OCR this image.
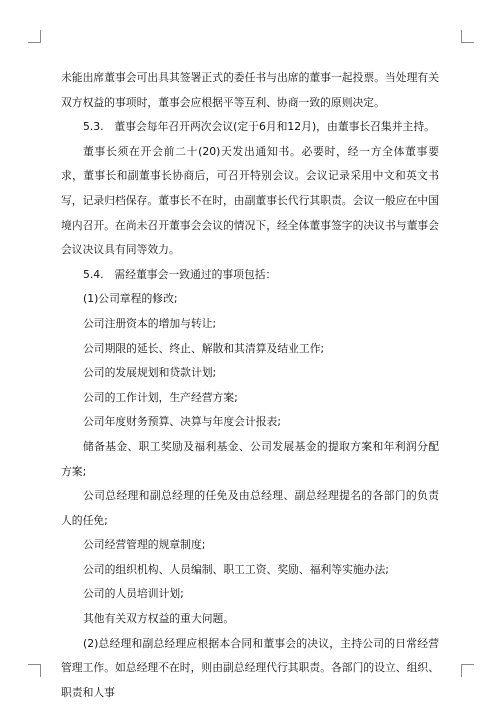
未能出席董事会可出具其签署正式的委任书与出席的董事一起投票。当处理有关双方权益的事项时，董事会应根据平等互利、协商一致的原则决定。

5.3.　董事会每年召开两次会议(定于6月和12月)，由董事长召集并主持。

董事长须在开会前二十(20)天发出通知书。必要时，经一方全体董事要求，董事长和副董事长协商后，可召开特别会议。会议记录采用中文和英文书写，记录归档保存。董事长不在时，由副董事长代行其职责。会议一般应在中国境内召开。在尚未召开董事会会议的情况下，经全体董事签字的决议书与董事会会议决议具有同等效力。

5.4.　需经董事会一致通过的事项包括：

(1)公司章程的修改;

公司注册资本的增加与转让;

公司期限的延长、终止、解散和其清算及结业工作;

公司的发展规划和贷款计划;

公司的工作计划，生产经营方案;

公司年度财务预算、决算与年度会计报表;

储备基金、职工奖励及福利基金、公司发展基金的提取方案和年利润分配方案;

公司总经理和副总经理的任免及由总经理、副总经理提名的各部门的负责人的任免;

公司经营管理的规章制度;

公司的组织机构、人员编制、职工工资、奖励、福利等实施办法;

公司的人员培训计划;

其他有关双方权益的重大问题。

(2)总经理和副总经理应根据本合同和董事会的决议，主持公司的日常经营管理工作。如总经理不在时，则由副总经理代行其职责。各部门的设立、组织、职责和人事
